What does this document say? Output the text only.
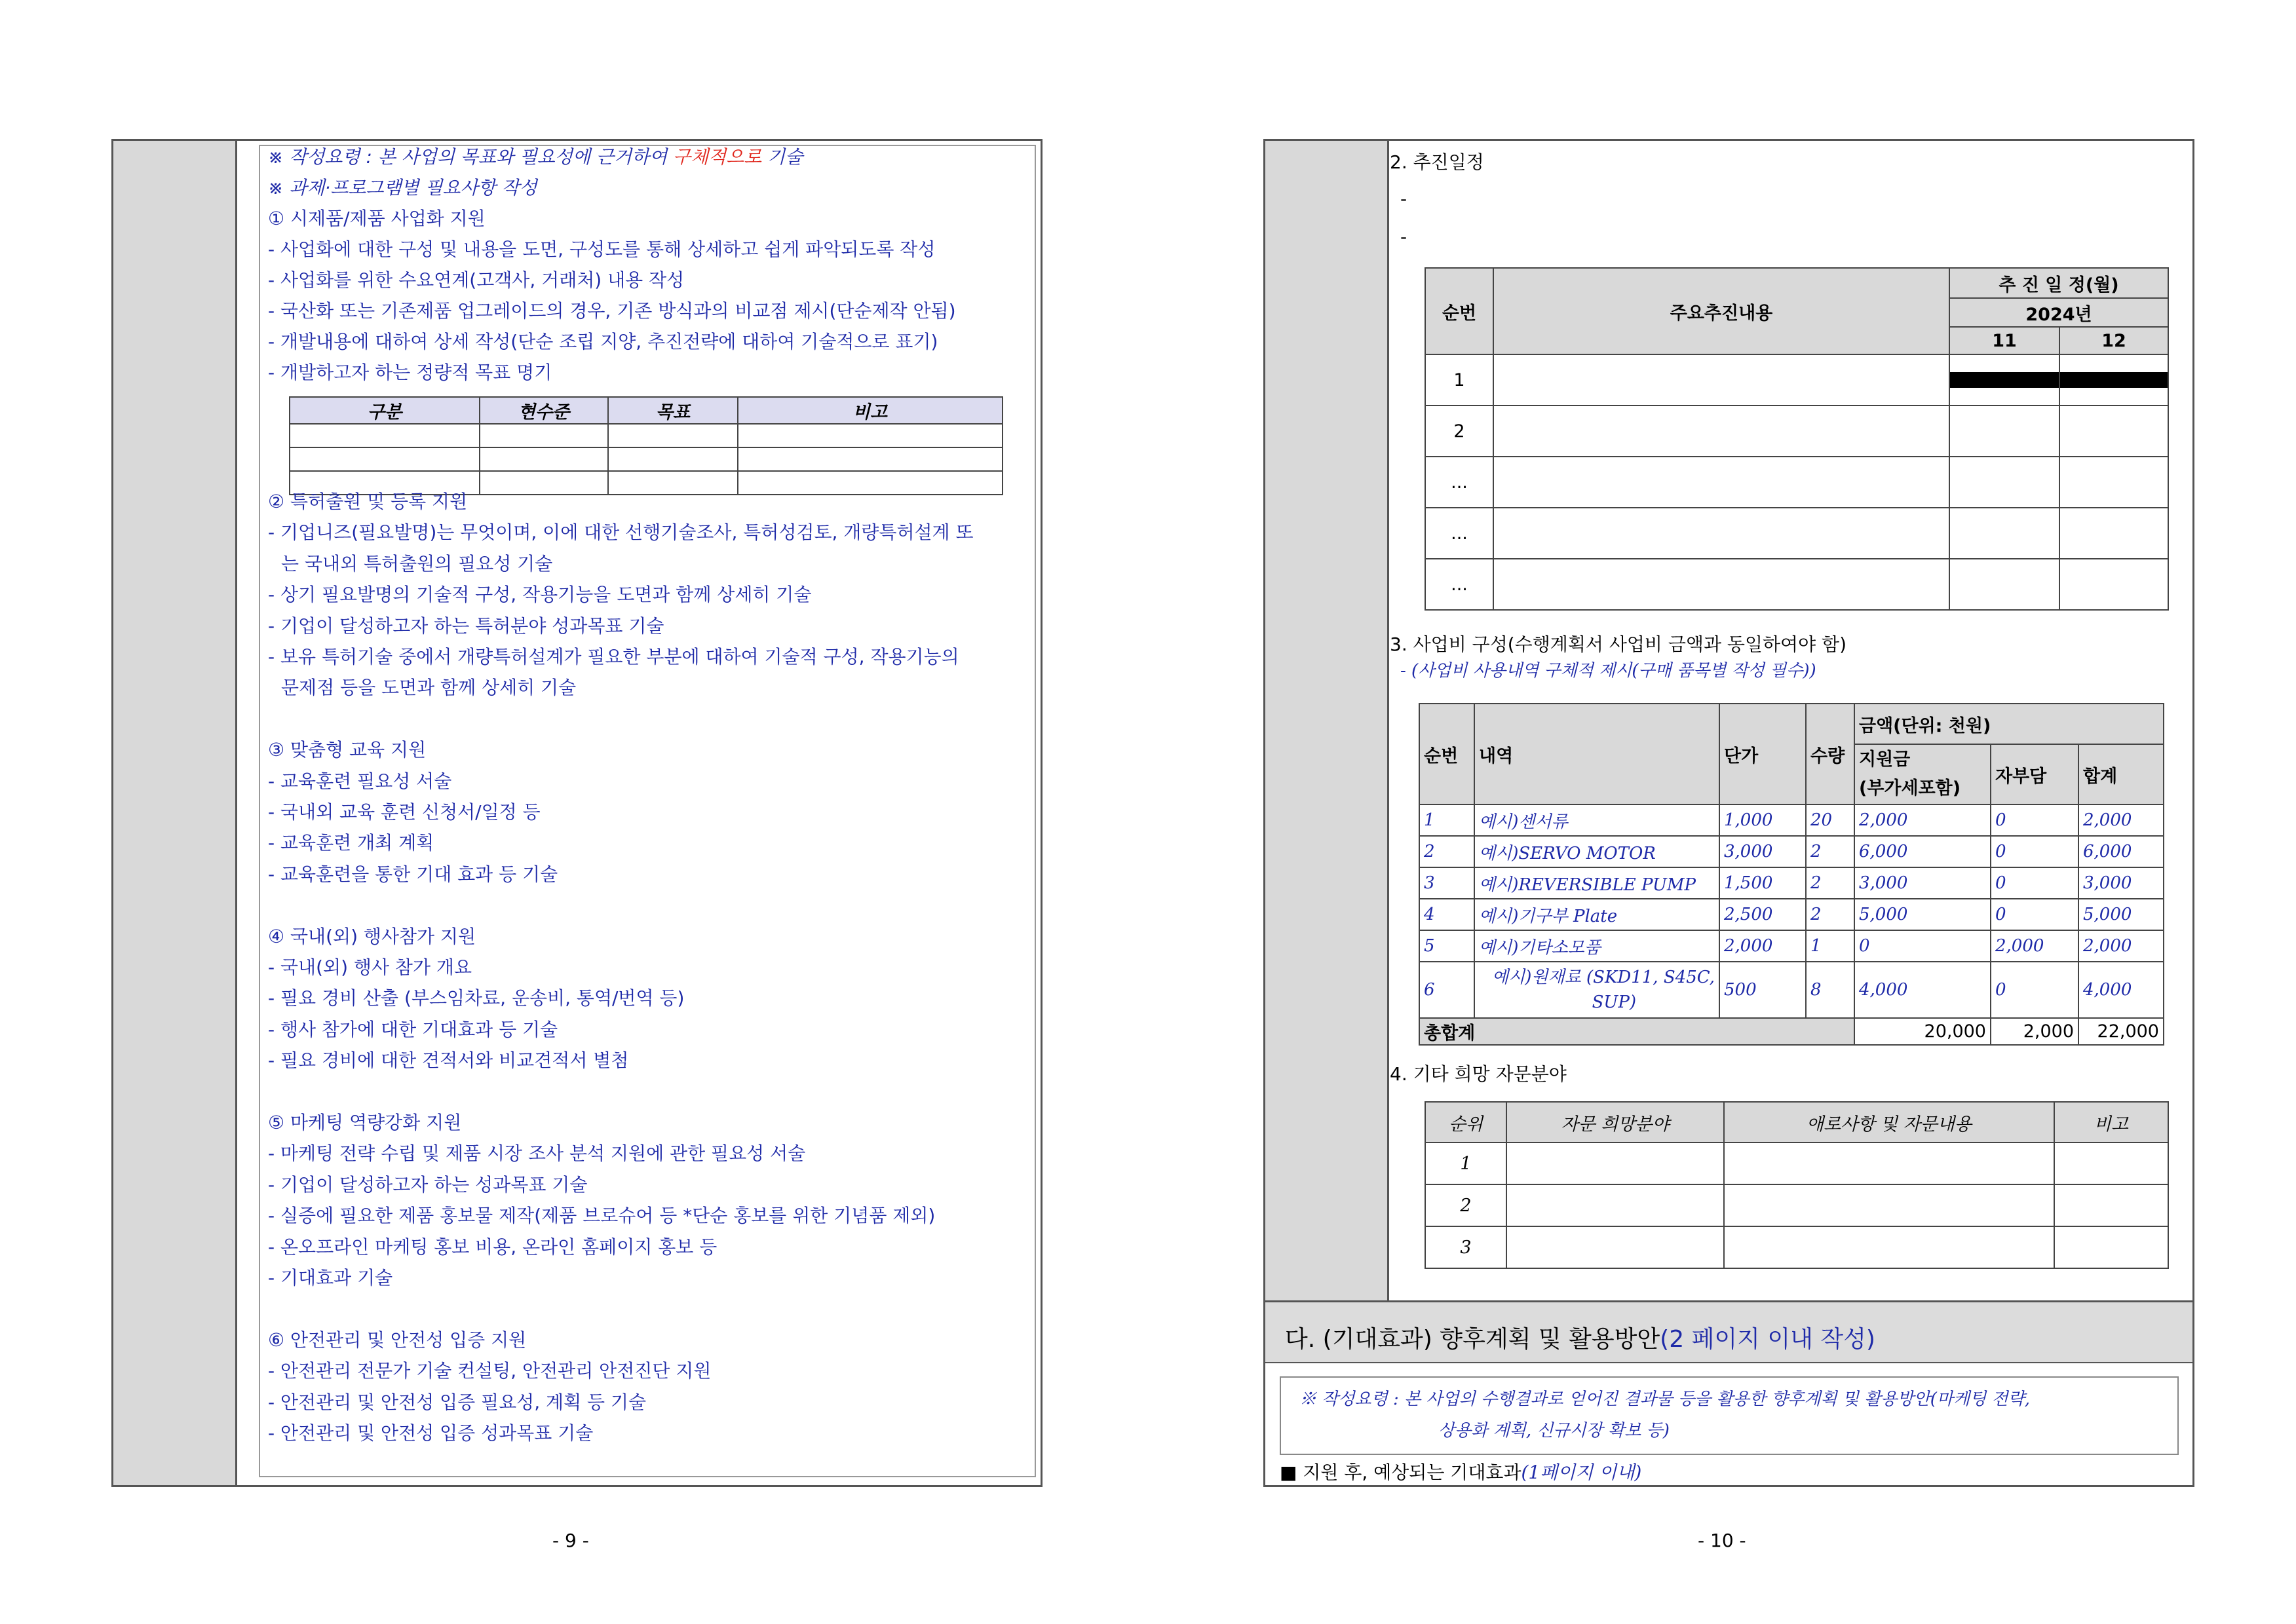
※ 작성요령 : 본 사업의 목표와 필요성에 근거하여 구체적으로 기술
※ 과제·프로그램별 필요사항 작성
① 시제품/제품 사업화 지원
- 사업화에 대한 구성 및 내용을 도면, 구성도를 통해 상세하고 쉽게 파악되도록 작성
- 사업화를 위한 수요연계(고객사, 거래처) 내용 작성
- 국산화 또는 기존제품 업그레이드의 경우, 기존 방식과의 비교점 제시(단순제작 안됨)
- 개발내용에 대하여 상세 작성(단순 조립 지양, 추진전략에 대하여 기술적으로 표기)
- 개발하고자 하는 정량적 목표 명기
구분	현수준	목표	비고

② 특허출원 및 등록 지원
- 기업니즈(필요발명)는 무엇이며, 이에 대한 선행기술조사, 특허성검토, 개량특허설계 또
는 국내외 특허출원의 필요성 기술
- 상기 필요발명의 기술적 구성, 작용기능을 도면과 함께 상세히 기술
- 기업이 달성하고자 하는 특허분야 성과목표 기술
- 보유 특허기술 중에서 개량특허설계가 필요한 부분에 대하여 기술적 구성, 작용기능의
문제점 등을 도면과 함께 상세히 기술
③ 맞춤형 교육 지원
- 교육훈련 필요성 서술
- 국내외 교육 훈련 신청서/일정 등
- 교육훈련 개최 계획
- 교육훈련을 통한 기대 효과 등 기술
④ 국내(외) 행사참가 지원
- 국내(외) 행사 참가 개요
- 필요 경비 산출 (부스임차료, 운송비, 통역/번역 등)
- 행사 참가에 대한 기대효과 등 기술
- 필요 경비에 대한 견적서와 비교견적서 별첨
⑤ 마케팅 역량강화 지원
- 마케팅 전략 수립 및 제품 시장 조사 분석 지원에 관한 필요성 서술
- 기업이 달성하고자 하는 성과목표 기술
- 실증에 필요한 제품 홍보물 제작(제품 브로슈어 등 *단순 홍보를 위한 기념품 제외)
- 온오프라인 마케팅 홍보 비용, 온라인 홈페이지 홍보 등
- 기대효과 기술
⑥ 안전관리 및 안전성 입증 지원
- 안전관리 전문가 기술 컨설팅, 안전관리 안전진단 지원
- 안전관리 및 안전성 입증 필요성, 계획 등 기술
- 안전관리 및 안전성 입증 성과목표 기술
- 9 -
2. 추진일정
-
-
순번	주요추진내용	추 진 일 정(월)	
		2024년	
		11	12
1		

2			
...			
...			
...			
3. 사업비 구성(수행계획서 사업비 금액과 동일하여야 함)
- (사업비 사용내역 구체적 제시(구매 품목별 작성 필수))
순번	내역	단가	수량	금액(단위: 천원)		
				지원금
(부가세포함)	자부담	합계
1	예시)센서류	1,000	20	2,000	0	2,000
2	예시)SERVO MOTOR	3,000	2	6,000	0	6,000
3	예시)REVERSIBLE PUMP	1,500	2	3,000	0	3,000
4	예시)기구부 Plate	2,500	2	5,000	0	5,000
5	예시)기타소모품	2,000	1	0	2,000	2,000
6	예시)원재료 (SKD11, S45C,
SUP)	500	8	4,000	0	4,000
총합계				20,000	2,000	22,000
4. 기타 희망 자문분야
순위	자문 희망분야	애로사항 및 자문내용	비고
1			
2			
3			
다. (기대효과) 향후계획 및 활용방안(2 페이지 이내 작성)
※ 작성요령 : 본 사업의 수행결과로 얻어진 결과물 등을 활용한 향후계획 및 활용방안(마케팅 전략,
상용화 계획, 신규시장 확보 등)
■ 지원 후, 예상되는 기대효과(1페이지 이내)
- 10 -
